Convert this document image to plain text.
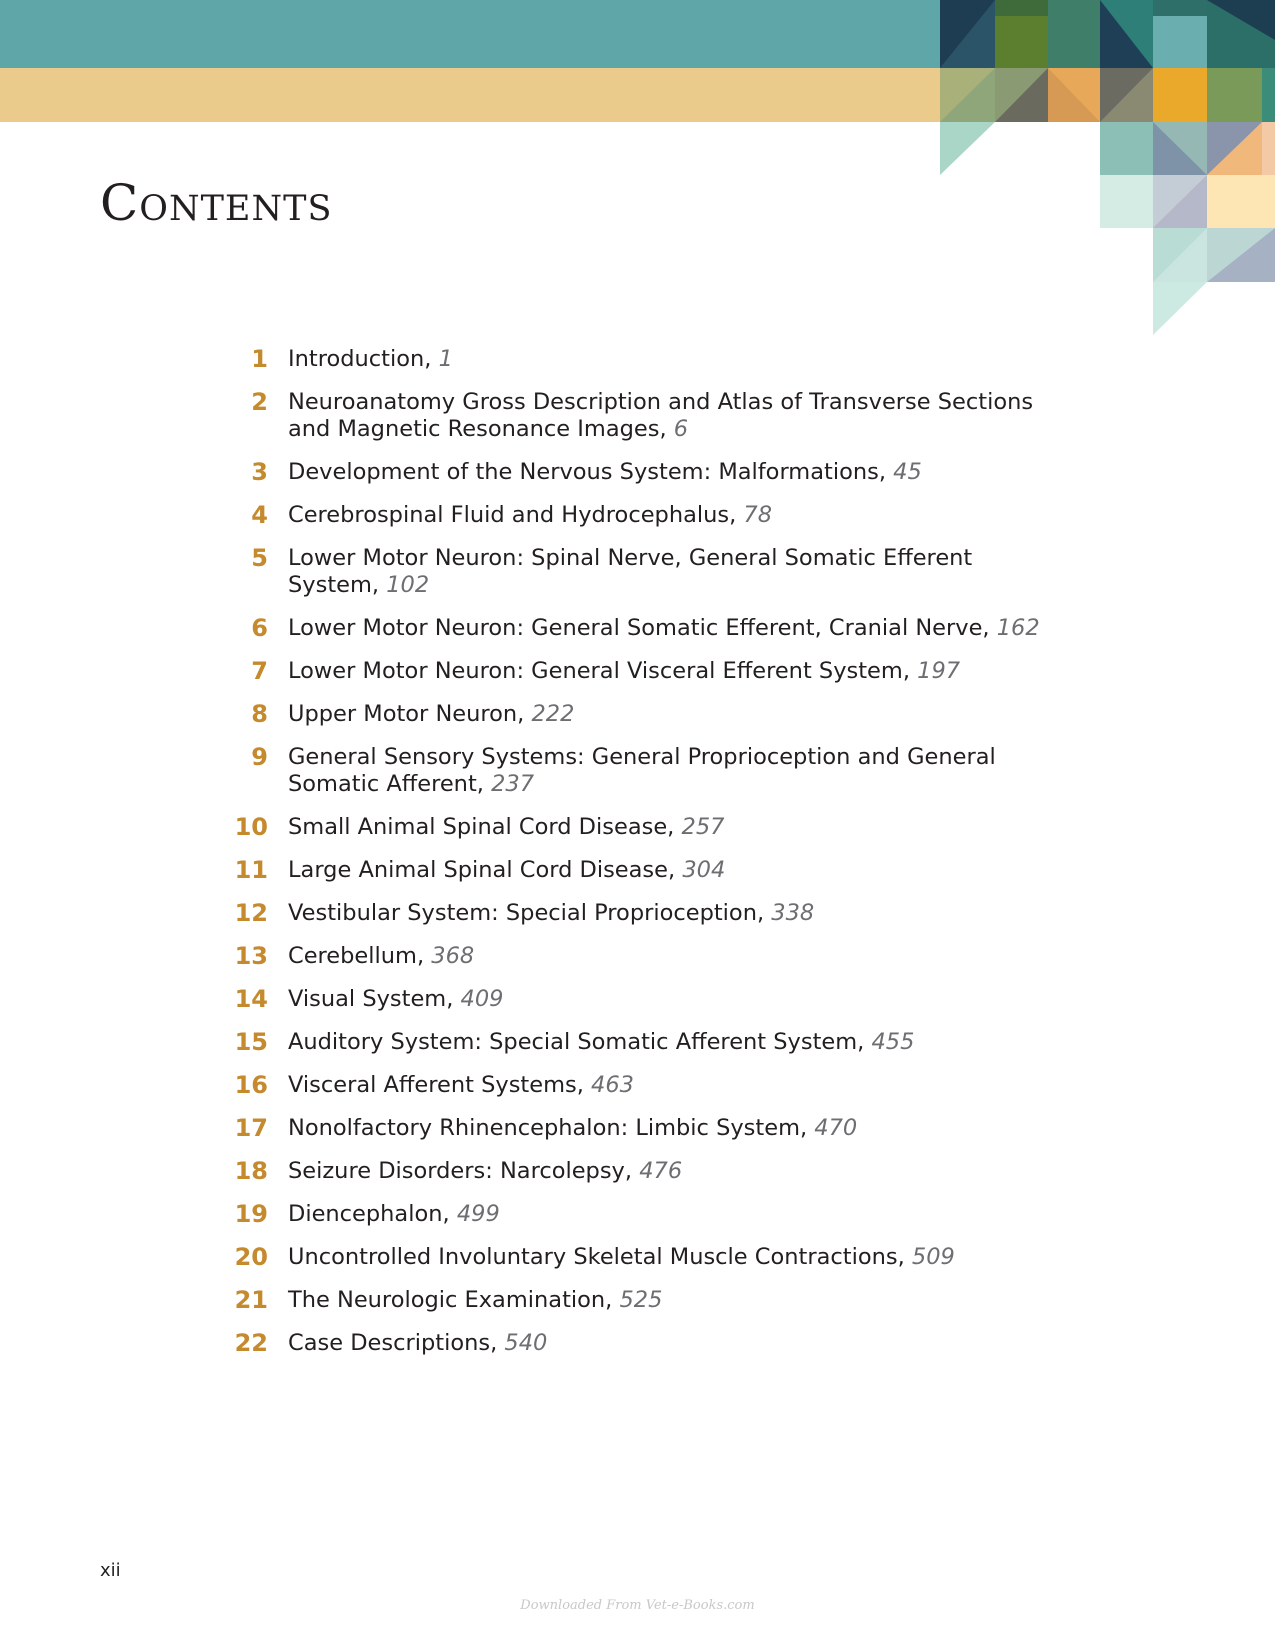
Contents
1 Introduction, 1
2 Neuroanatomy Gross Description and Atlas of Transverse Sections and Magnetic Resonance Images, 6
3 Development of the Nervous System: Malformations, 45
4 Cerebrospinal Fluid and Hydrocephalus, 78
5 Lower Motor Neuron: Spinal Nerve, General Somatic Efferent System, 102
6 Lower Motor Neuron: General Somatic Efferent, Cranial Nerve, 162
7 Lower Motor Neuron: General Visceral Efferent System, 197
8 Upper Motor Neuron, 222
9 General Sensory Systems: General Proprioception and General Somatic Afferent, 237
10 Small Animal Spinal Cord Disease, 257
11 Large Animal Spinal Cord Disease, 304
12 Vestibular System: Special Proprioception, 338
13 Cerebellum, 368
14 Visual System, 409
15 Auditory System: Special Somatic Afferent System, 455
16 Visceral Afferent Systems, 463
17 Nonolfactory Rhinencephalon: Limbic System, 470
18 Seizure Disorders: Narcolepsy, 476
19 Diencephalon, 499
20 Uncontrolled Involuntary Skeletal Muscle Contractions, 509
21 The Neurologic Examination, 525
22 Case Descriptions, 540
xii
Downloaded From Vet-e-Books.com
